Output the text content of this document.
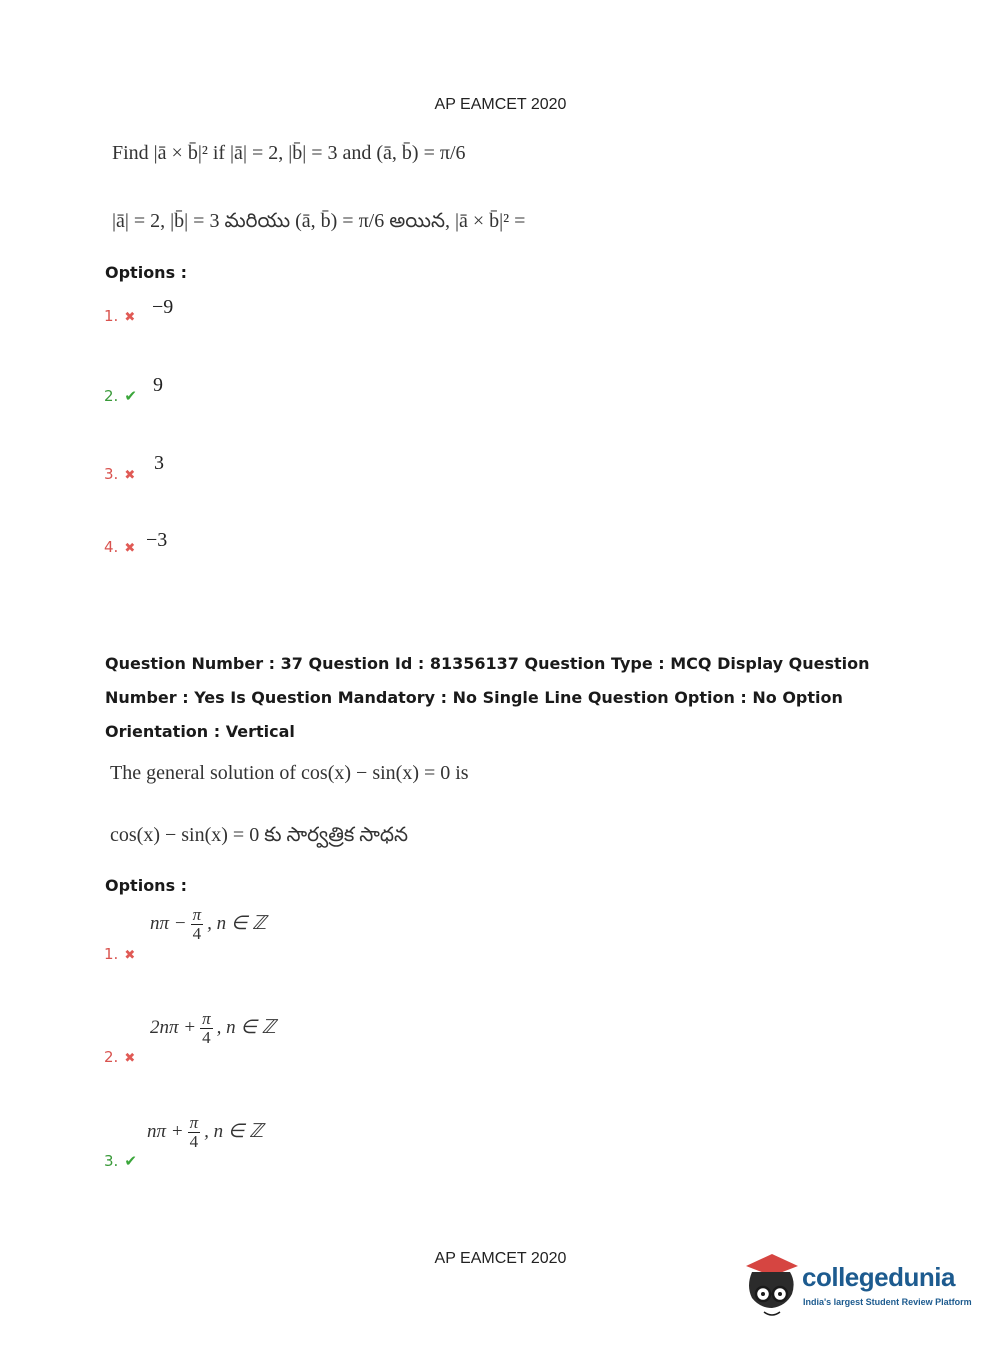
AP EAMCET 2020
Find |ā × b̄|² if |ā| = 2, |b̄| = 3 and (ā, b̄) = π/6
|ā| = 2, |b̄| = 3 మరియు (ā, b̄) = π/6 అయిన, |ā × b̄|² =
Options :
1. ✖ −9
2. ✔ 9
3. ✖
3
4. ✖ −3
Question Number : 37 Question Id : 81356137 Question Type : MCQ Display Question Number : Yes Is Question Mandatory : No Single Line Question Option : No Option Orientation : Vertical
The general solution of cos(x) − sin(x) = 0 is
cos(x) − sin(x) = 0 కు సార్వత్రిక సాధన
Options :
1. ✖
$n\pi - \frac{\pi}{4}$ , n ∈ ℤ
2. ✖
$2n\pi + \frac{\pi}{4}$ , n ∈ ℤ
3. ✔
$n\pi + \frac{\pi}{4}$ , n ∈ ℤ
AP EAMCET 2020
collegedunia
India's largest Student Review Platform
